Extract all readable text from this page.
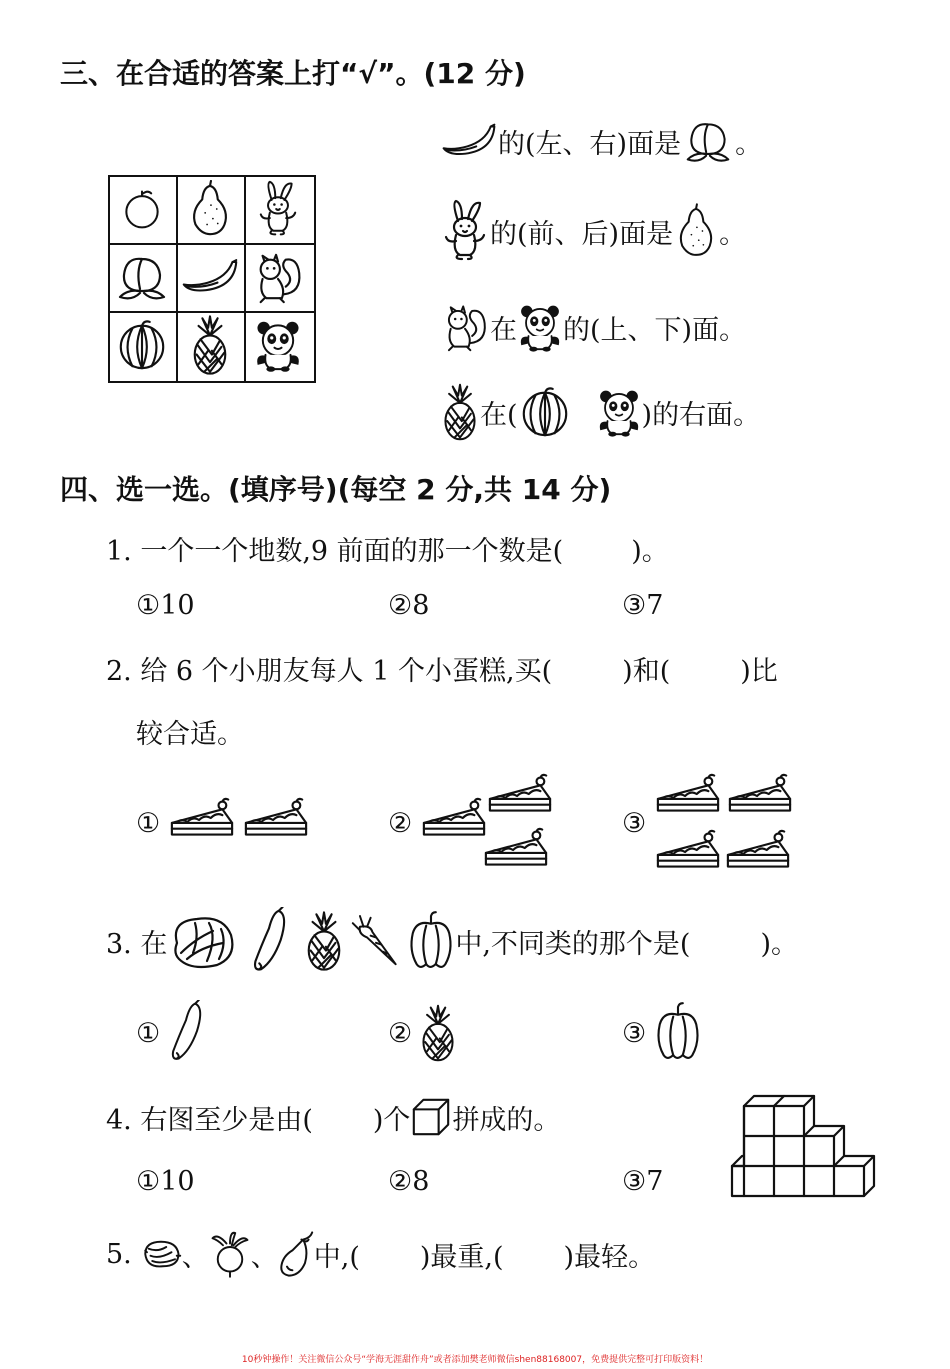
三、在合适的答案上打“√”。(12 分)
的( 左 、 右 )面是 。
的( 前 、 后 )面是 。
在 的( 上 、 下 )面。
在(	)的右面。
四、选一选。(填序号)(每空 2 分,共 14 分)
1. 一个一个地数,9 前面的那一个数是(	)。
①10	②8	③7
2. 给 6 个小朋友每人 1 个小蛋糕,买(	)和(	)比
较合适。
①	②	③
3. 在	中,不同类的那个是(	)。
①	②	③
4. 右图至少是由( )个 拼成的。
①10	②8	③7
5. 、 、 中,( )最重,( )最轻。
10秒钟操作！关注微信公众号“学海无涯甜作舟”或者添加樊老师微信shen88168007，免费提供完整可打印版资料！
